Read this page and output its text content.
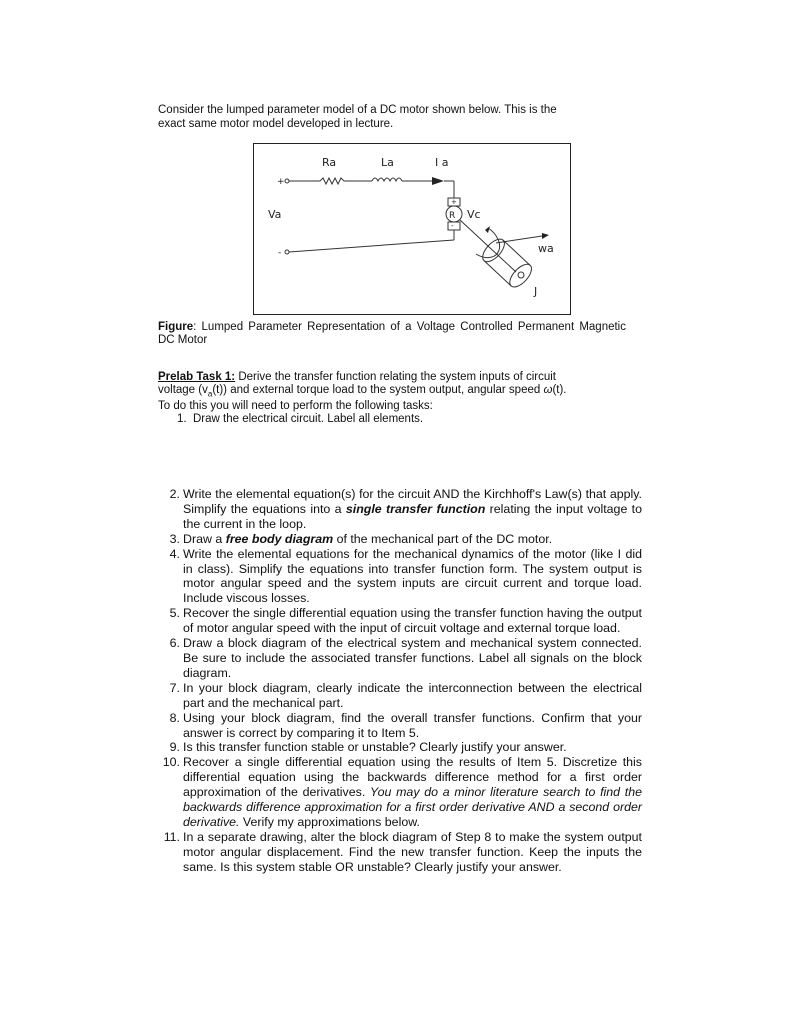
Consider the lumped parameter model of a DC motor shown below. This is the
exact same motor model developed in lecture.
+
-
+
-
Ra	La	I a
Va	R Vc
wa
J
Figure: Lumped Parameter Representation of a Voltage Controlled Permanent Magnetic DC Motor
Prelab Task 1: Derive the transfer function relating the system inputs of circuit
voltage $(v_a(t))$ and external torque load to the system output, angular speed ω(t).
To do this you will need to perform the following tasks:
1. Draw the electrical circuit. Label all elements.
2. Write the elemental equation(s) for the circuit AND the Kirchhoff's Law(s) that apply. Simplify the equations into a single transfer function relating the input voltage to the current in the loop.
3. Draw a free body diagram of the mechanical part of the DC motor.
4. Write the elemental equations for the mechanical dynamics of the motor (like I did in class). Simplify the equations into transfer function form. The system output is motor angular speed and the system inputs are circuit current and torque load. Include viscous losses.
5. Recover the single differential equation using the transfer function having the output of motor angular speed with the input of circuit voltage and external torque load.
6. Draw a block diagram of the electrical system and mechanical system connected. Be sure to include the associated transfer functions. Label all signals on the block diagram.
7. In your block diagram, clearly indicate the interconnection between the electrical part and the mechanical part.
8. Using your block diagram, find the overall transfer functions. Confirm that your answer is correct by comparing it to Item 5.
9. Is this transfer function stable or unstable? Clearly justify your answer.
10. Recover a single differential equation using the results of Item 5. Discretize this differential equation using the backwards difference method for a first order approximation of the derivatives. You may do a minor literature search to find the backwards difference approximation for a first order derivative AND a second order derivative. Verify my approximations below.
11. In a separate drawing, alter the block diagram of Step 8 to make the system output motor angular displacement. Find the new transfer function. Keep the inputs the same. Is this system stable OR unstable? Clearly justify your answer.
